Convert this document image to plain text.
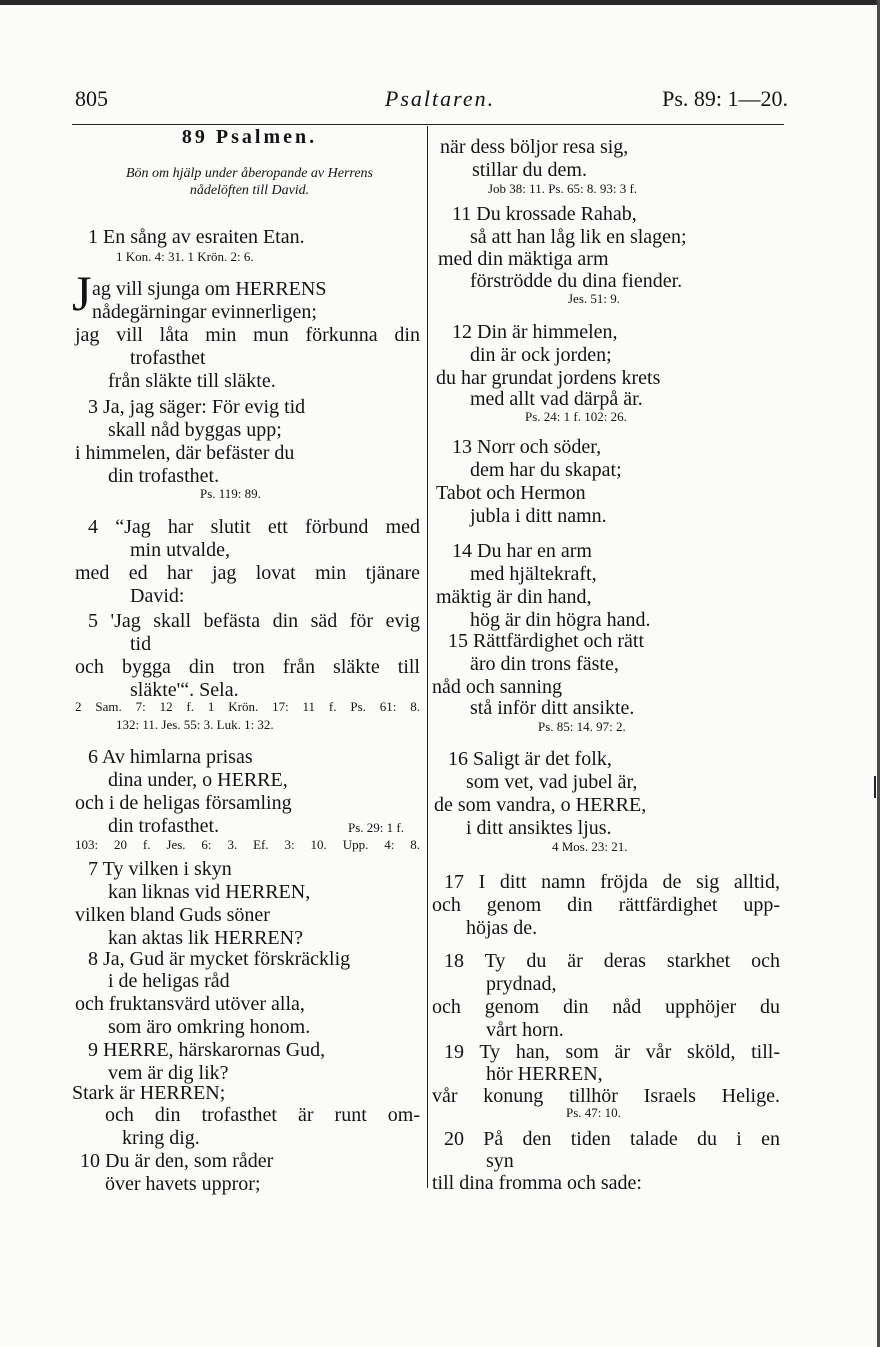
805	Psaltaren.	Ps. 89: 1—20.
89 Psalmen.
Bön om hjälp under åberopande av Herrens
nådelöften till David.
J
1 En sång av esraiten Etan.
1 Kon. 4: 31. 1 Krön. 2: 6.
ag vill sjunga om HERRENS
nådegärningar evinnerligen;
jag vill låta min mun förkunna din
trofasthet
från släkte till släkte.
3 Ja, jag säger: För evig tid
skall nåd byggas upp;
i himmelen, där befäster du
din trofasthet.
Ps. 119: 89.
4 “Jag har slutit ett förbund med
min utvalde,
med ed har jag lovat min tjänare
David:
5 'Jag skall befästa din säd för evig
tid
och bygga din tron från släkte till
släkte'“. Sela.
2 Sam. 7: 12 f. 1 Krön. 17: 11 f. Ps. 61: 8.
132: 11. Jes. 55: 3. Luk. 1: 32.
6 Av himlarna prisas
dina under, o HERRE,
och i de heligas församling
din trofasthet.	Ps. 29: 1 f.
103: 20 f. Jes. 6: 3. Ef. 3: 10. Upp. 4: 8.
7 Ty vilken i skyn
kan liknas vid HERREN,
vilken bland Guds söner
kan aktas lik HERREN?
8 Ja, Gud är mycket förskräcklig
i de heligas råd
och fruktansvärd utöver alla,
som äro omkring honom.
9 HERRE, härskarornas Gud,
vem är dig lik?
Stark är HERREN;
och din trofasthet är runt om-
kring dig.
10 Du är den, som råder
över havets uppror;
när dess böljor resa sig,
stillar du dem.
Job 38: 11. Ps. 65: 8. 93: 3 f.
11 Du krossade Rahab,
så att han låg lik en slagen;
med din mäktiga arm
förströdde du dina fiender.
Jes. 51: 9.
12 Din är himmelen,
din är ock jorden;
du har grundat jordens krets
med allt vad därpå är.
Ps. 24: 1 f. 102: 26.
13 Norr och söder,
dem har du skapat;
Tabot och Hermon
jubla i ditt namn.
14 Du har en arm
med hjältekraft,
mäktig är din hand,
hög är din högra hand.
15 Rättfärdighet och rätt
äro din trons fäste,
nåd och sanning
stå inför ditt ansikte.
Ps. 85: 14. 97: 2.
16 Saligt är det folk,
som vet, vad jubel är,
de som vandra, o HERRE,
i ditt ansiktes ljus.
4 Mos. 23: 21.
17 I ditt namn fröjda de sig alltid,
och genom din rättfärdighet upp-
höjas de.
18 Ty du är deras starkhet och
prydnad,
och genom din nåd upphöjer du
vårt horn.
19 Ty han, som är vår sköld, till-
hör HERREN,
vår konung tillhör Israels Helige.
Ps. 47: 10.
20 På den tiden talade du i en
syn
till dina fromma och sade:
